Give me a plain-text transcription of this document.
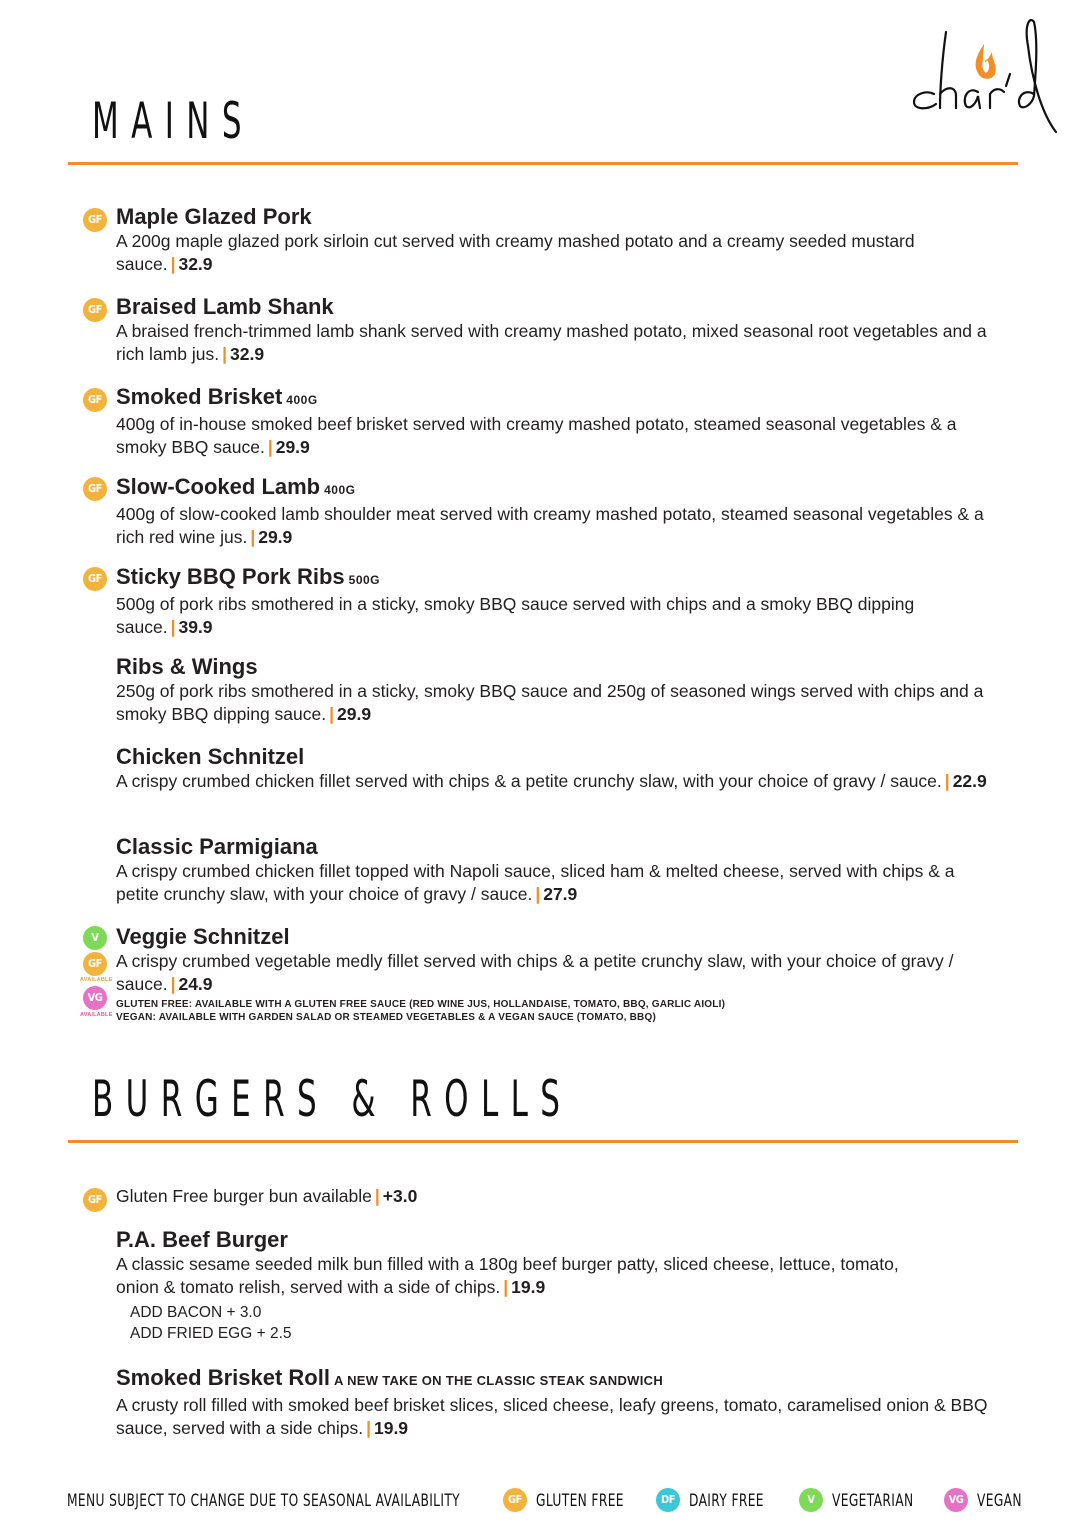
MAINS
GF Maple Glazed Pork
A 200g maple glazed pork sirloin cut served with creamy mashed potato and a creamy seeded mustard sauce. | 32.9
GF Braised Lamb Shank
A braised french-trimmed lamb shank served with creamy mashed potato, mixed seasonal root vegetables and a rich lamb jus. | 32.9
GF Smoked Brisket 400G
400g of in-house smoked beef brisket served with creamy mashed potato, steamed seasonal vegetables & a smoky BBQ sauce. | 29.9
GF Slow-Cooked Lamb 400G
400g of slow-cooked lamb shoulder meat served with creamy mashed potato, steamed seasonal vegetables & a rich red wine jus. | 29.9
GF Sticky BBQ Pork Ribs 500G
500g of pork ribs smothered in a sticky, smoky BBQ sauce served with chips and a smoky BBQ dipping sauce. | 39.9
Ribs & Wings
250g of pork ribs smothered in a sticky, smoky BBQ sauce and 250g of seasoned wings served with chips and a smoky BBQ dipping sauce. | 29.9
Chicken Schnitzel
A crispy crumbed chicken fillet served with chips & a petite crunchy slaw, with your choice of gravy / sauce. | 22.9
Classic Parmigiana
A crispy crumbed chicken fillet topped with Napoli sauce, sliced ham & melted cheese, served with chips & a petite crunchy slaw, with your choice of gravy / sauce. | 27.9
V
GF
AVAILABLE
VG
AVAILABLE
Veggie Schnitzel
A crispy crumbed vegetable medly fillet served with chips & a petite crunchy slaw, with your choice of gravy / sauce. | 24.9
GLUTEN FREE: AVAILABLE WITH A GLUTEN FREE SAUCE (RED WINE JUS, HOLLANDAISE, TOMATO, BBQ, GARLIC AIOLI)
VEGAN: AVAILABLE WITH GARDEN SALAD OR STEAMED VEGETABLES & A VEGAN SAUCE (TOMATO, BBQ)
BURGERS & ROLLS
GF Gluten Free burger bun available | +3.0
P.A. Beef Burger
A classic sesame seeded milk bun filled with a 180g beef burger patty, sliced cheese, lettuce, tomato, onion & tomato relish, served with a side of chips. | 19.9
ADD BACON + 3.0
ADD FRIED EGG + 2.5
Smoked Brisket Roll A NEW TAKE ON THE CLASSIC STEAK SANDWICH
A crusty roll filled with smoked beef brisket slices, sliced cheese, leafy greens, tomato, caramelised onion & BBQ sauce, served with a side chips. | 19.9
MENU SUBJECT TO CHANGE DUE TO SEASONAL AVAILABILITY	GF GLUTEN FREE	DF DAIRY FREE	V	VEGETARIAN	VG VEGAN
